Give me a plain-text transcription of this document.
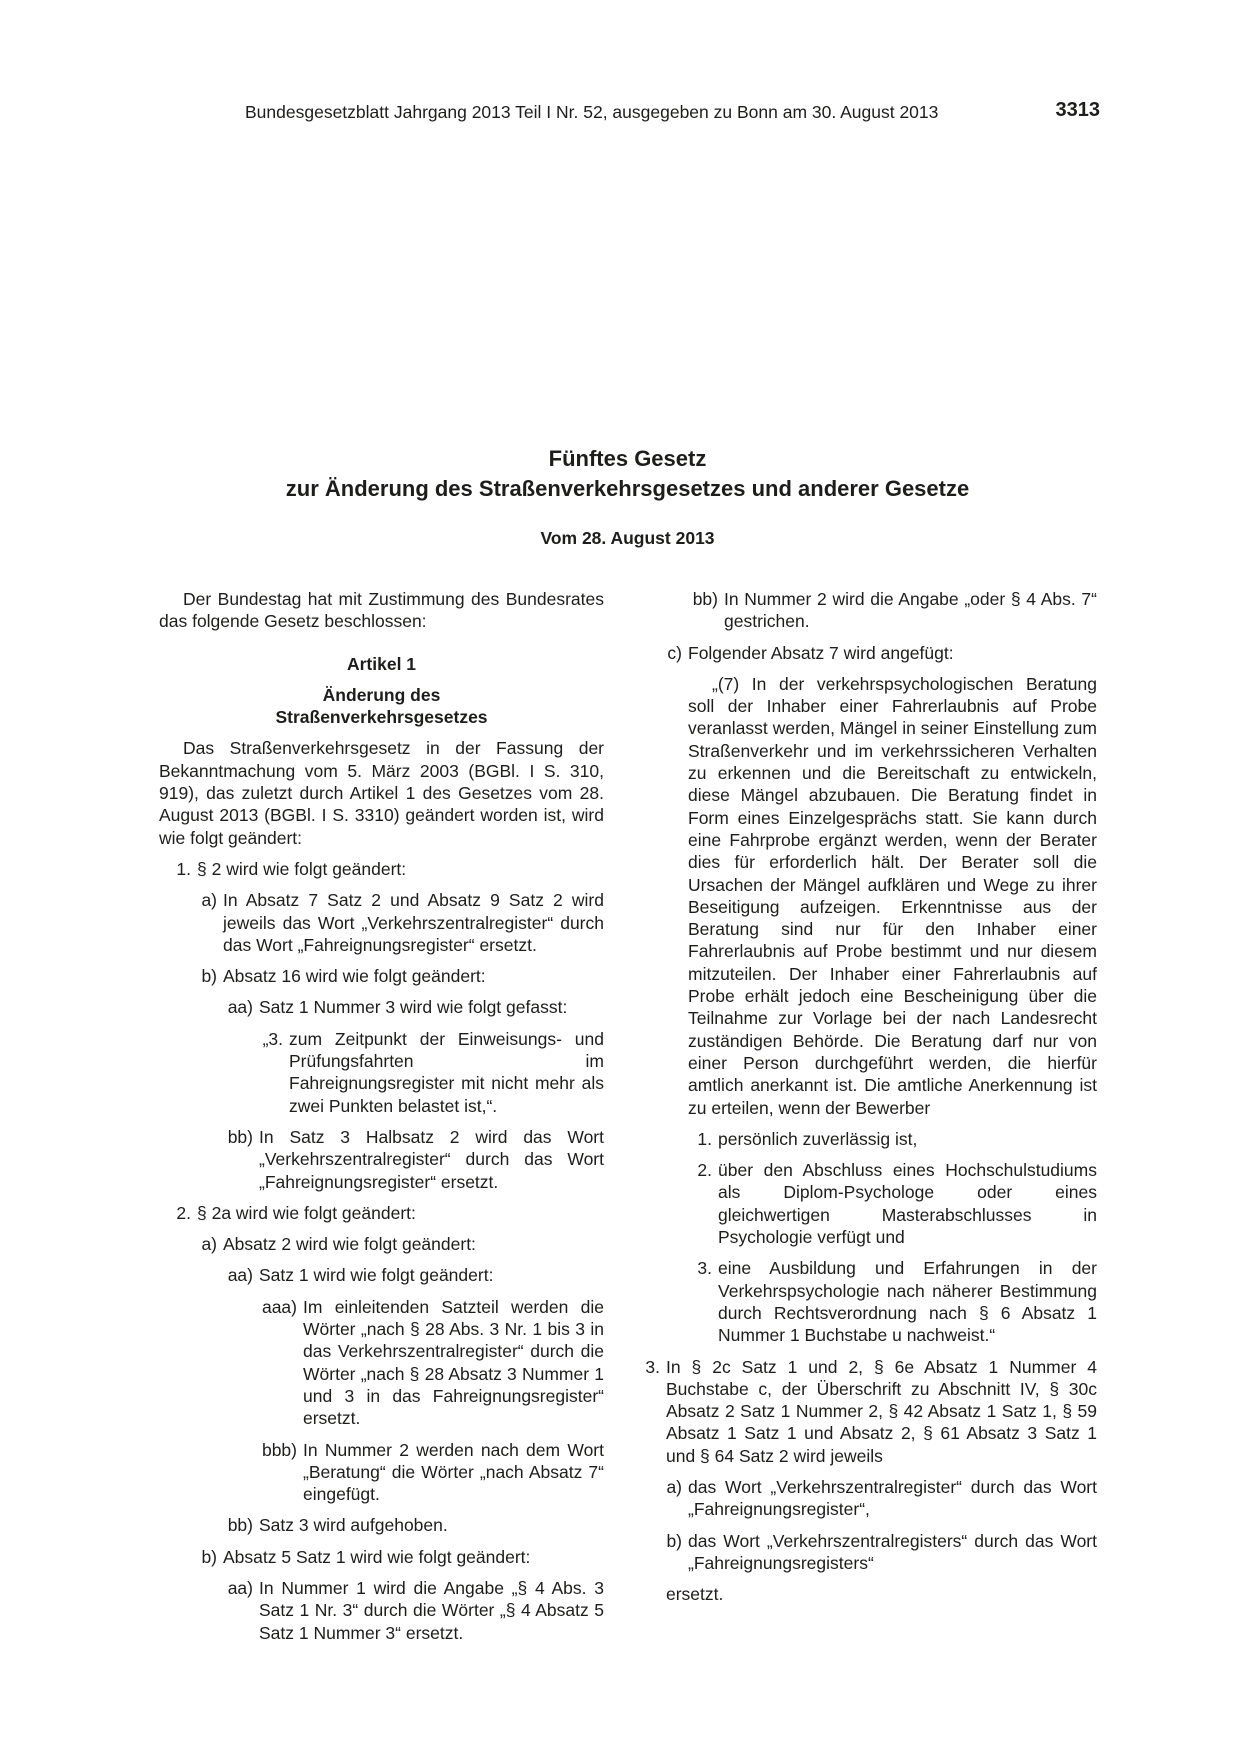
Bundesgesetzblatt Jahrgang 2013 Teil I Nr. 52, ausgegeben zu Bonn am 30. August 2013	3313
Fünftes Gesetz
zur Änderung des Straßenverkehrsgesetzes und anderer Gesetze
Vom 28. August 2013

Der Bundestag hat mit Zustimmung des Bundesrates das folgende Gesetz beschlossen:

Artikel 1

Änderung des

Straßenverkehrsgesetzes

Das Straßenverkehrsgesetz in der Fassung der Bekanntmachung vom 5. März 2003 (BGBl. I S. 310, 919), das zuletzt durch Artikel 1 des Gesetzes vom 28. August 2013 (BGBl. I S. 3310) geändert worden ist, wird wie folgt geändert:

1. § 2 wird wie folgt geändert:
a) In Absatz 7 Satz 2 und Absatz 9 Satz 2 wird jeweils das Wort „Verkehrszentralregister“ durch das Wort „Fahreignungsregister“ ersetzt.
b) Absatz 16 wird wie folgt geändert:
aa) Satz 1 Nummer 3 wird wie folgt gefasst:
„3. zum Zeitpunkt der Einweisungs- und Prüfungsfahrten im Fahreignungsregister mit nicht mehr als zwei Punkten belastet ist,“.
bb) In Satz 3 Halbsatz 2 wird das Wort „Verkehrszentralregister“ durch das Wort „Fahreignungsregister“ ersetzt.
2. § 2a wird wie folgt geändert:
a) Absatz 2 wird wie folgt geändert:
aa) Satz 1 wird wie folgt geändert:
aaa) Im einleitenden Satzteil werden die Wörter „nach § 28 Abs. 3 Nr. 1 bis 3 in das Verkehrszentralregister“ durch die Wörter „nach § 28 Absatz 3 Nummer 1 und 3 in das Fahreignungsregister“ ersetzt.
bbb) In Nummer 2 werden nach dem Wort „Beratung“ die Wörter „nach Absatz 7“ eingefügt.
bb) Satz 3 wird aufgehoben.
b) Absatz 5 Satz 1 wird wie folgt geändert:
aa) In Nummer 1 wird die Angabe „§ 4 Abs. 3 Satz 1 Nr. 3“ durch die Wörter „§ 4 Absatz 5 Satz 1 Nummer 3“ ersetzt.
bb) In Nummer 2 wird die Angabe „oder § 4 Abs. 7“ gestrichen.
c) Folgender Absatz 7 wird angefügt:

„(7) In der verkehrspsychologischen Beratung soll der Inhaber einer Fahrerlaubnis auf Probe veranlasst werden, Mängel in seiner Einstellung zum Straßenverkehr und im verkehrssicheren Verhalten zu erkennen und die Bereitschaft zu entwickeln, diese Mängel abzubauen. Die Beratung findet in Form eines Einzelgesprächs statt. Sie kann durch eine Fahrprobe ergänzt werden, wenn der Berater dies für erforderlich hält. Der Berater soll die Ursachen der Mängel aufklären und Wege zu ihrer Beseitigung aufzeigen. Erkenntnisse aus der Beratung sind nur für den Inhaber einer Fahrerlaubnis auf Probe bestimmt und nur diesem mitzuteilen. Der Inhaber einer Fahrerlaubnis auf Probe erhält jedoch eine Bescheinigung über die Teilnahme zur Vorlage bei der nach Landesrecht zuständigen Behörde. Die Beratung darf nur von einer Person durchgeführt werden, die hierfür amtlich anerkannt ist. Die amtliche Anerkennung ist zu erteilen, wenn der Bewerber

1. persönlich zuverlässig ist,
2. über den Abschluss eines Hochschulstudiums als Diplom-Psychologe oder eines gleichwertigen Masterabschlusses in Psychologie verfügt und
3. eine Ausbildung und Erfahrungen in der Verkehrspsychologie nach näherer Bestimmung durch Rechtsverordnung nach § 6 Absatz 1 Nummer 1 Buchstabe u nachweist.“
3. In § 2c Satz 1 und 2, § 6e Absatz 1 Nummer 4 Buchstabe c, der Überschrift zu Abschnitt IV, § 30c Absatz 2 Satz 1 Nummer 2, § 42 Absatz 1 Satz 1, § 59 Absatz 1 Satz 1 und Absatz 2, § 61 Absatz 3 Satz 1 und § 64 Satz 2 wird jeweils
a) das Wort „Verkehrszentralregister“ durch das Wort „Fahreignungsregister“,
b) das Wort „Verkehrszentralregisters“ durch das Wort „Fahreignungsregisters“

ersetzt.
